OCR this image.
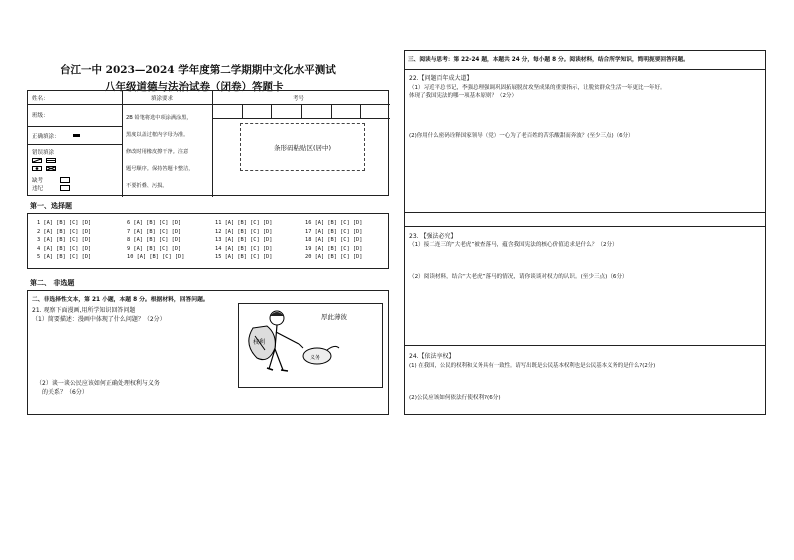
台江一中 2023—2024 学年度第二学期期中文化水平测试
八年级道德与法治试卷（闭卷）答题卡
姓名：
班级：
正确填涂：
错误填涂
缺考
违纪
填涂要求
2B 铅笔将选中项涂满涂黑，
黑度以盖过框内字母为准。
修改时用橡皮擦干净。注意
题号顺序。保持答题卡整洁，
不要折叠、污损。
考号
条形码粘贴区(居中)
第一、选择题
1 [A] [B] [C] [D]
2 [A] [B] [C] [D]
3 [A] [B] [C] [D]
4 [A] [B] [C] [D]
5 [A] [B] [C] [D]
6 [A] [B] [C] [D]
7 [A] [B] [C] [D]
8 [A] [B] [C] [D]
9 [A] [B] [C] [D]
10 [A] [B] [C] [D]
11 [A] [B] [C] [D]
12 [A] [B] [C] [D]
13 [A] [B] [C] [D]
14 [A] [B] [C] [D]
15 [A] [B] [C] [D]
16 [A] [B] [C] [D]
17 [A] [B] [C] [D]
18 [A] [B] [C] [D]
19 [A] [B] [C] [D]
20 [A] [B] [C] [D]
第二、 非选题
二、非选择性文本，第 21 小题，本题 8 分。根据材料，回答问题。
21. 观察下面漫画,用所学知识回答问题
（1）简要描述：漫画中体现了什么问题？（2分）
（2）谈一谈公民应该如何正确处理权利与义务
的关系？（6分）
权利
义务
厚此薄彼
三、阅读与思考：第 22-24 题，本题共 24 分，每小题 8 分。阅读材料，结合所学知识，简明扼要回答问题。
22.【问题百年成大道】
（1）习近平总书记，李强总理强调巩固拓展脱贫攻坚成果的重要指示，让脱贫群众生活一年更比一年好。
体现了我国宪法的哪一项基本原则？（2分）
(2)你用什么密码诠释国家领导（党）一心为了老百姓的苦乐酸甜而奔波？(至少三点)（6分）
23. 【强法必究】
（1）接二连三的“大老虎”被查落马，蕴含我国宪法的核心价值追求是什么？（2分）
（2）阅读材料，结合“大老虎”落马的情况，请你谈谈对权力的认识。(至少三点)（6分）
24.【依法享权】
(1) 在我国，公民的权利和义务具有一致性。请写出既是公民基本权利也是公民基本义务的是什么?(2分)
(2)公民应该如何依法行使权利?(6分)
